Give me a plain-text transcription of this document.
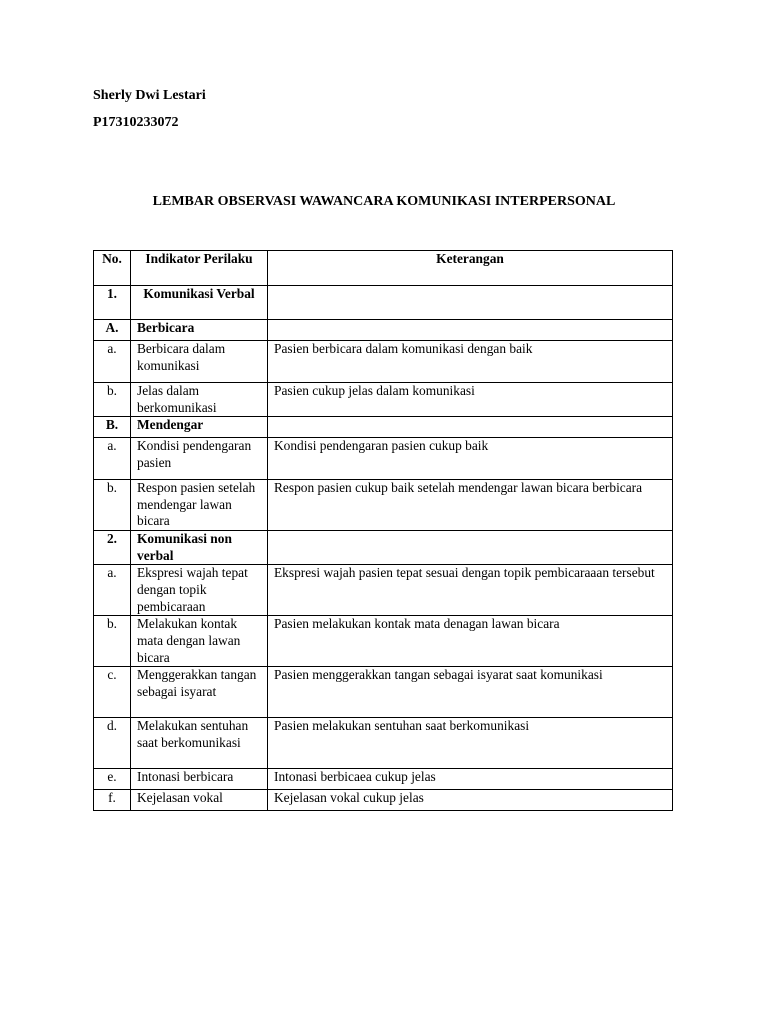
Sherly Dwi Lestari
P17310233072
LEMBAR OBSERVASI WAWANCARA KOMUNIKASI INTERPERSONAL
No.	Indikator Perilaku	Keterangan
1.	Komunikasi Verbal	
A.	Berbicara	
a.	Berbicara dalam komunikasi	Pasien berbicara dalam komunikasi dengan baik
b.	Jelas dalam berkomunikasi	Pasien cukup jelas dalam komunikasi
B.	Mendengar	
a.	Kondisi pendengaran pasien	Kondisi pendengaran pasien cukup baik
b.	Respon pasien setelah mendengar lawan bicara	Respon pasien cukup baik setelah mendengar lawan bicara berbicara
2.	Komunikasi non verbal	
a.	Ekspresi wajah tepat dengan topik pembicaraan	Ekspresi wajah pasien tepat sesuai dengan topik pembicaraaan tersebut
b.	Melakukan kontak mata dengan lawan bicara	Pasien melakukan kontak mata denagan lawan bicara
c.	Menggerakkan tangan sebagai isyarat	Pasien menggerakkan tangan sebagai isyarat saat komunikasi
d.	Melakukan sentuhan saat berkomunikasi	Pasien melakukan sentuhan saat berkomunikasi
e.	Intonasi berbicara	Intonasi berbicaea cukup jelas
f.	Kejelasan vokal	Kejelasan vokal cukup jelas
